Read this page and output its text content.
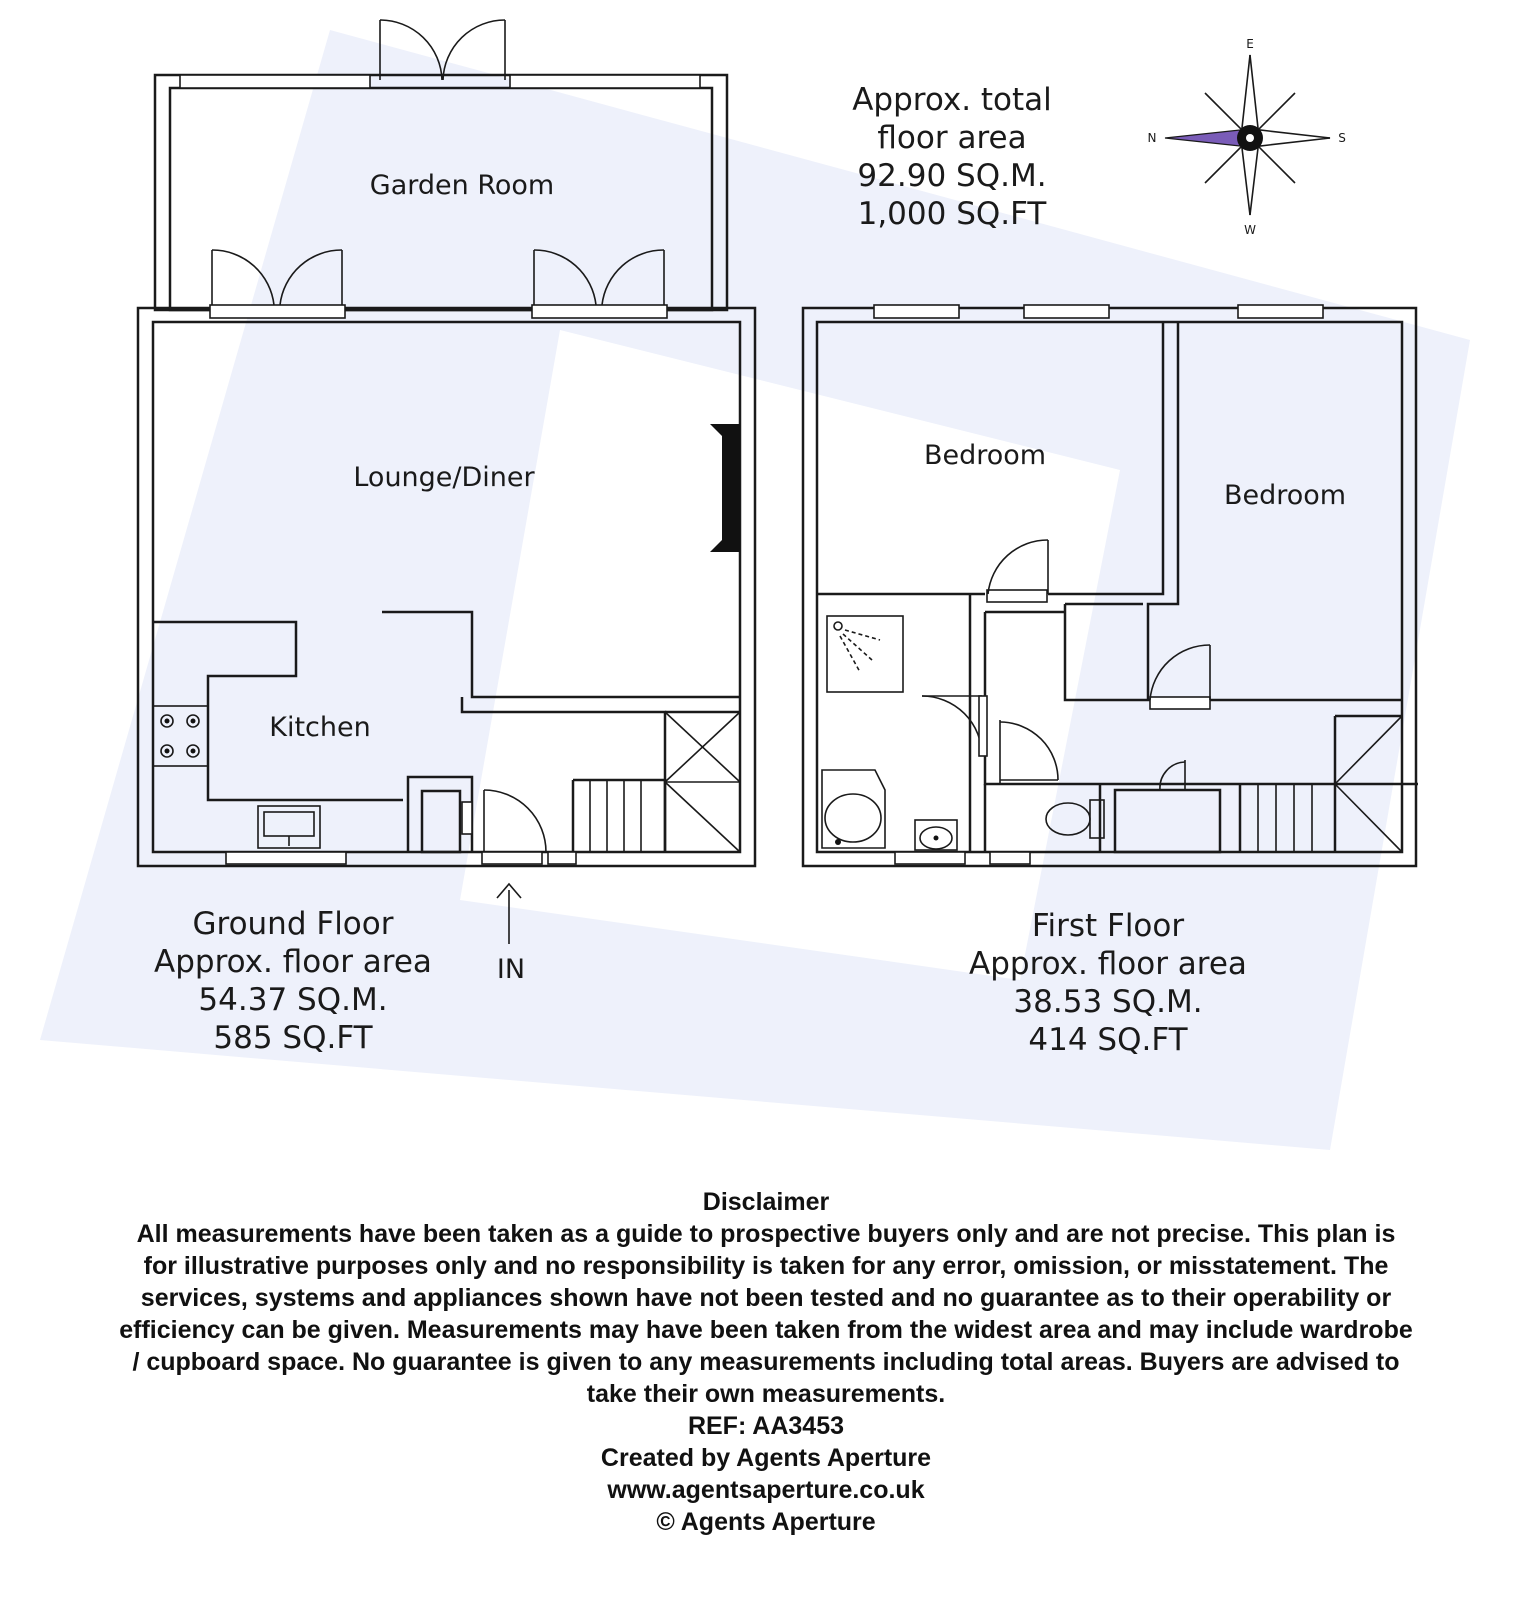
E
W
N	S
Garden Room
Lounge/Diner
Kitchen
Bedroom
Bedroom
IN
Approx. total
floor area
92.90 SQ.M.
1,000 SQ.FT
Ground Floor
Approx. floor area
54.37 SQ.M.
585 SQ.FT
First Floor
Approx. floor area
38.53 SQ.M.
414 SQ.FT
Disclaimer
All measurements have been taken as a guide to prospective buyers only and are not precise. This plan is
for illustrative purposes only and no responsibility is taken for any error, omission, or misstatement. The
services, systems and appliances shown have not been tested and no guarantee as to their operability or
efficiency can be given. Measurements may have been taken from the widest area and may include wardrobe
/ cupboard space. No guarantee is given to any measurements including total areas. Buyers are advised to
take their own measurements.
REF: AA3453
Created by Agents Aperture
www.agentsaperture.co.uk
© Agents Aperture
